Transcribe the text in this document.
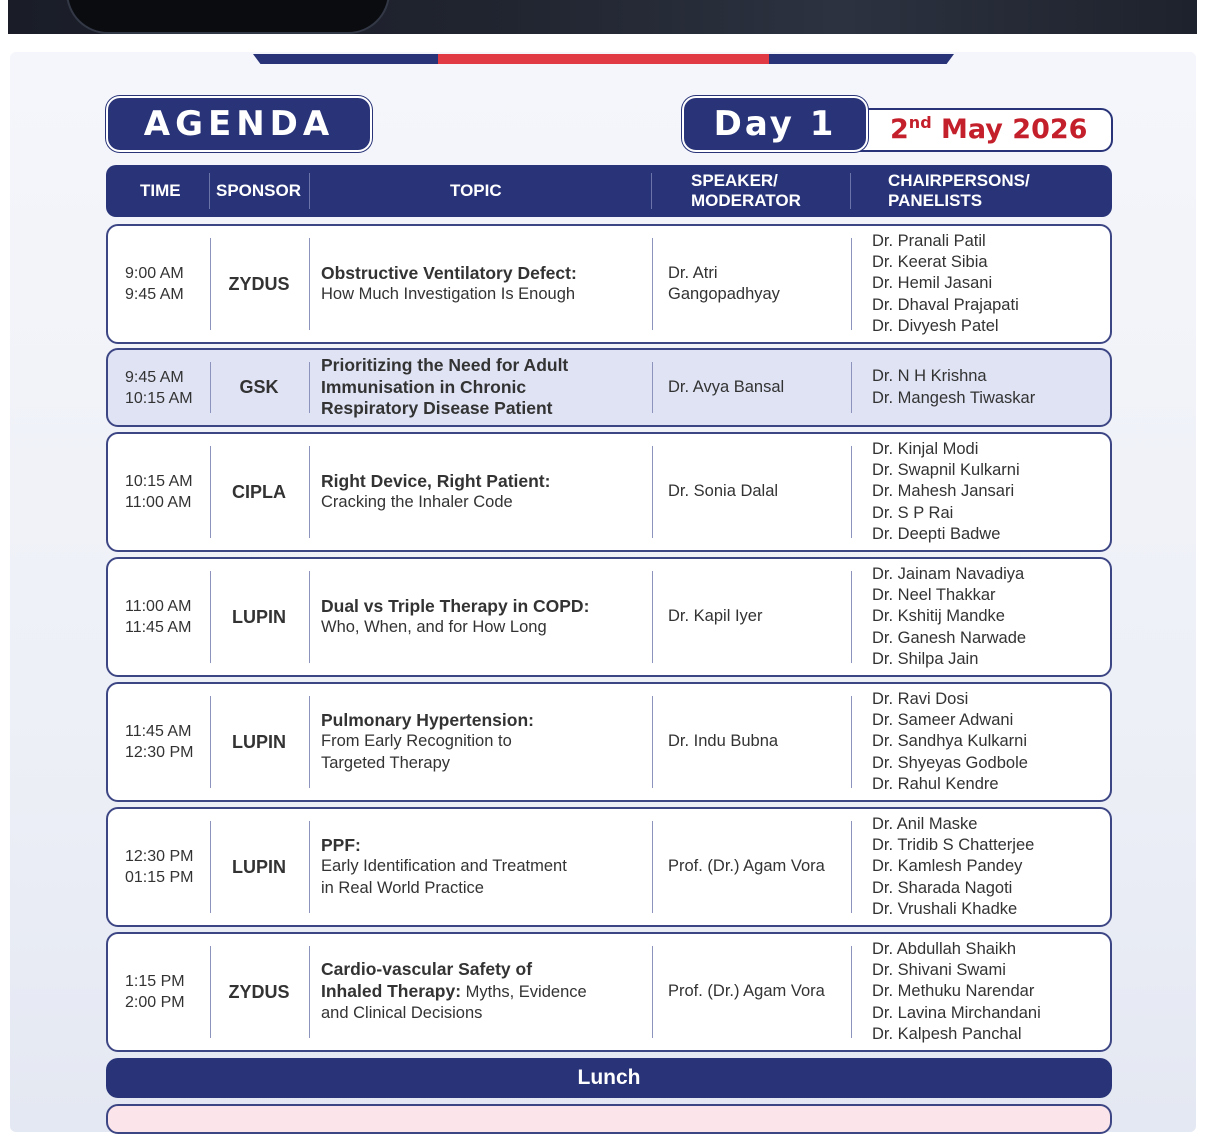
AGENDA	2nd May 2026
Day 1
TIME SPONSOR	TOPIC
SPEAKER/
MODERATOR
CHAIRPERSONS/
PANELISTS
9:00 AM
9:45 AM
ZYDUS
Obstructive Ventilatory Defect:
How Much Investigation Is Enough
Dr. Atri
Gangopadhyay
Dr. Pranali Patil
Dr. Keerat Sibia
Dr. Hemil Jasani
Dr. Dhaval Prajapati
Dr. Divyesh Patel
9:45 AM
10:15 AM
GSK
Prioritizing the Need for Adult
Immunisation in Chronic
Respiratory Disease Patient
Dr. Avya Bansal
Dr. N H Krishna
Dr. Mangesh Tiwaskar
10:15 AM
11:00 AM
CIPLA
Right Device, Right Patient:
Cracking the Inhaler Code
Dr. Sonia Dalal
Dr. Kinjal Modi
Dr. Swapnil Kulkarni
Dr. Mahesh Jansari
Dr. S P Rai
Dr. Deepti Badwe
11:00 AM
11:45 AM
LUPIN
Dual vs Triple Therapy in COPD:
Who, When, and for How Long
Dr. Kapil Iyer
Dr. Jainam Navadiya
Dr. Neel Thakkar
Dr. Kshitij Mandke
Dr. Ganesh Narwade
Dr. Shilpa Jain
11:45 AM
12:30 PM
LUPIN
Pulmonary Hypertension:
From Early Recognition to
Targeted Therapy
Dr. Indu Bubna
Dr. Ravi Dosi
Dr. Sameer Adwani
Dr. Sandhya Kulkarni
Dr. Shyeyas Godbole
Dr. Rahul Kendre
12:30 PM
01:15 PM
LUPIN
PPF:
Early Identification and Treatment
in Real World Practice
Prof. (Dr.) Agam Vora
Dr. Anil Maske
Dr. Tridib S Chatterjee
Dr. Kamlesh Pandey
Dr. Sharada Nagoti
Dr. Vrushali Khadke
1:15 PM
2:00 PM
ZYDUS
Cardio-vascular Safety of
Inhaled Therapy: Myths, Evidence
and Clinical Decisions
Prof. (Dr.) Agam Vora
Dr. Abdullah Shaikh
Dr. Shivani Swami
Dr. Methuku Narendar
Dr. Lavina Mirchandani
Dr. Kalpesh Panchal
Lunch
